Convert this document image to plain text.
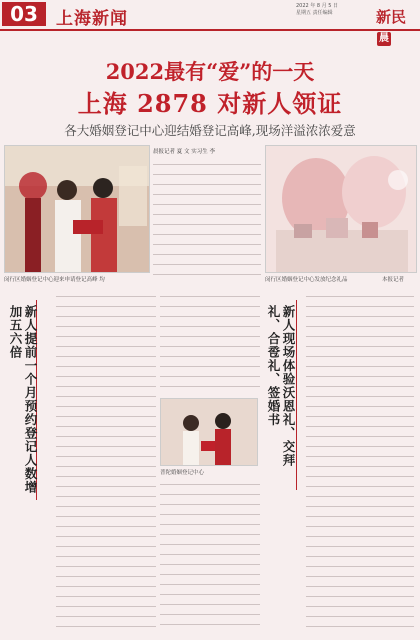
03	上海新闻
2022 年 8 月 5 日
星期五 责任编辑	新民晨
2022最有“爱”的一天
上海 2878 对新人领证
各大婚姻登记中心迎结婚登记高峰,现场洋溢浓浓爱意
闵行区婚姻登记中心迎来申请登记高峰 均
晨报记者 夏 文 实习生 李
闵行区婚姻登记中心发放纪念礼品	本报记者
新人提前一个月预约​登记人数增加五六倍
普陀婚姻登记中心
新人现场体验沃恩礼、交拜礼、合卺礼、签婚书
